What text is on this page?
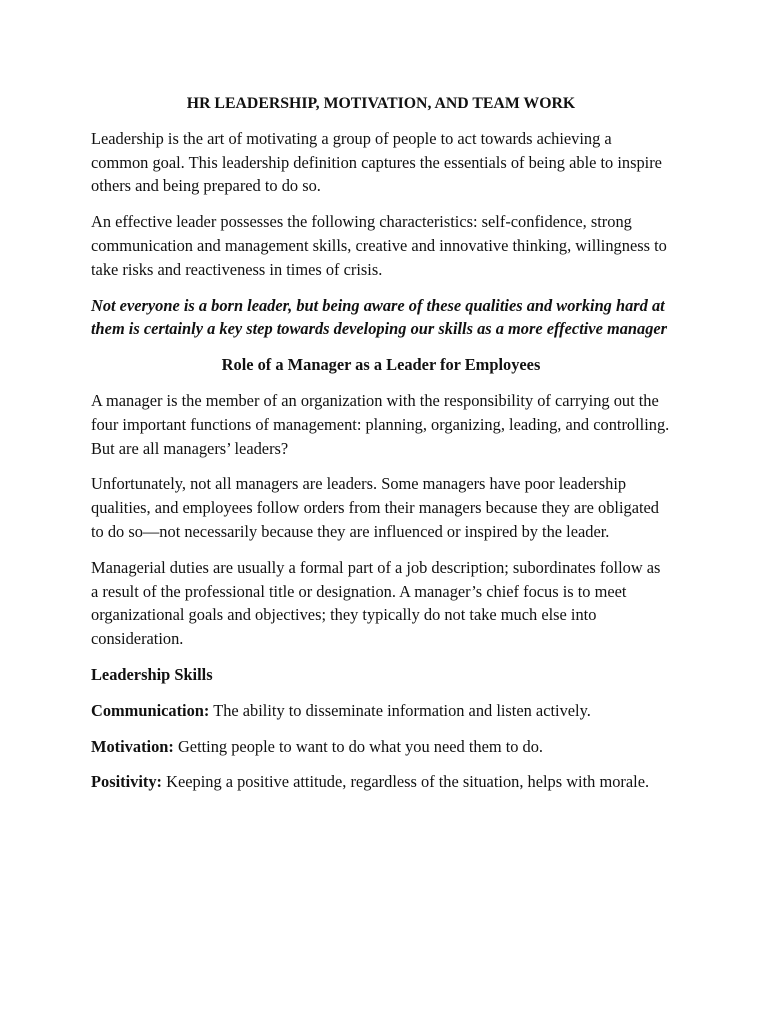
HR LEADERSHIP, MOTIVATION, AND TEAM WORK

Leadership is the art of motivating a group of people to act towards achieving a common goal. This leadership definition captures the essentials of being able to inspire others and being prepared to do so.

An effective leader possesses the following characteristics: self-confidence, strong communication and management skills, creative and innovative thinking, willingness to take risks and reactiveness in times of crisis.

Not everyone is a born leader, but being aware of these qualities and working hard at them is certainly a key step towards developing our skills as a more effective manager

Role of a Manager as a Leader for Employees

A manager is the member of an organization with the responsibility of carrying out the four important functions of management: planning, organizing, leading, and controlling. But are all managers’ leaders?

Unfortunately, not all managers are leaders. Some managers have poor leadership qualities, and employees follow orders from their managers because they are obligated to do so—not necessarily because they are influenced or inspired by the leader.

Managerial duties are usually a formal part of a job description; subordinates follow as a result of the professional title or designation. A manager’s chief focus is to meet organizational goals and objectives; they typically do not take much else into consideration.

Leadership Skills

Communication: The ability to disseminate information and listen actively.

Motivation: Getting people to want to do what you need them to do.

Positivity: Keeping a positive attitude, regardless of the situation, helps with morale.
